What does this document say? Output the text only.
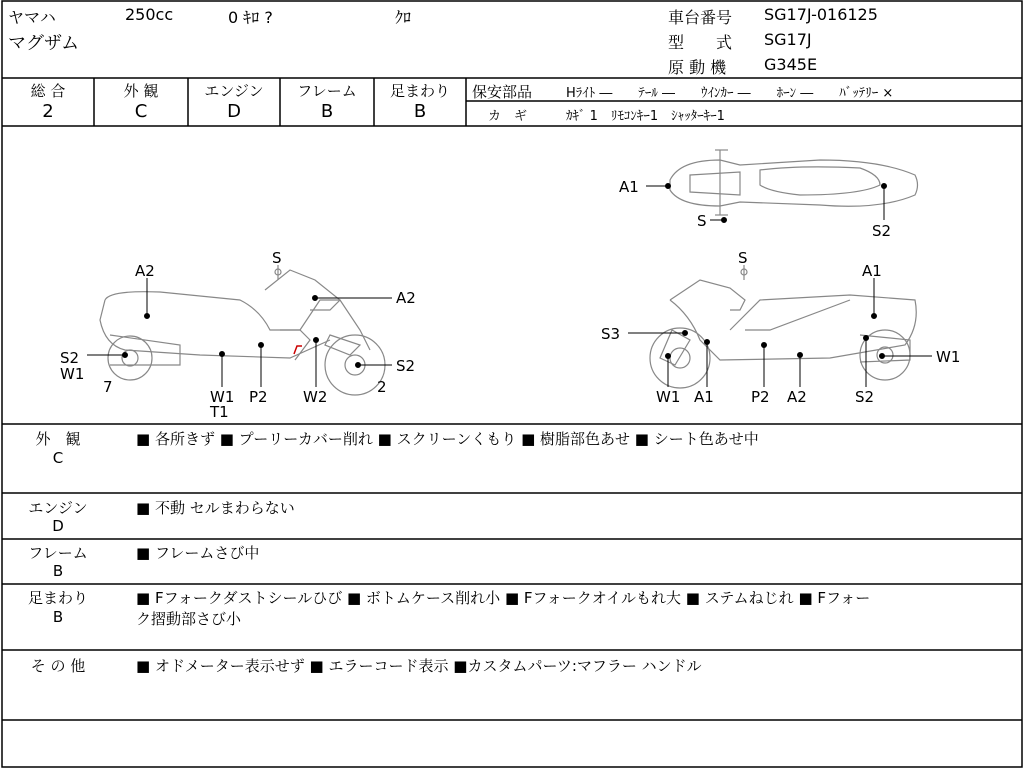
ヤマハ	250cc	0 ｷﾛ ?	ｸﾛ
マグザム
車台番号 SG17J-016125
型　　式 SG17J
原 動 機 G345E
総 合
2
外 観
C
エンジン
D
フレーム
B
足まわり
B
保安部品	Hﾗｲﾄ ―　　ﾃｰﾙ ―　　ｳｲﾝｶｰ ―　　ﾎｰﾝ ―　　ﾊﾞｯﾃﾘｰ ×
カ　ギ	ｶｷﾞ 1　ﾘﾓｺﾝｷｰ1　ｼｬｯﾀｰｷｰ1
A2
S
A2
S2
W1
7
W1
T1
P2 W2
S2
2
S
A1
S3
W1 A1 P2 A2	S2
W1
A1
S
S2
外　観
C
■ 各所きず ■ プーリーカバー削れ ■ スクリーンくもり ■ 樹脂部色あせ ■ シート色あせ中
エンジン
D
■ 不動 セルまわらない
フレーム
B
■ フレームさび中
足まわり
B
■ Fフォークダストシールひび ■ ボトムケース削れ小 ■ Fフォークオイルもれ大 ■ ステムねじれ ■ Fフォー
ク摺動部さび小
そ の 他	■ オドメーター表示せず ■ エラーコード表示 ■カスタムパーツ:マフラー ハンドル
